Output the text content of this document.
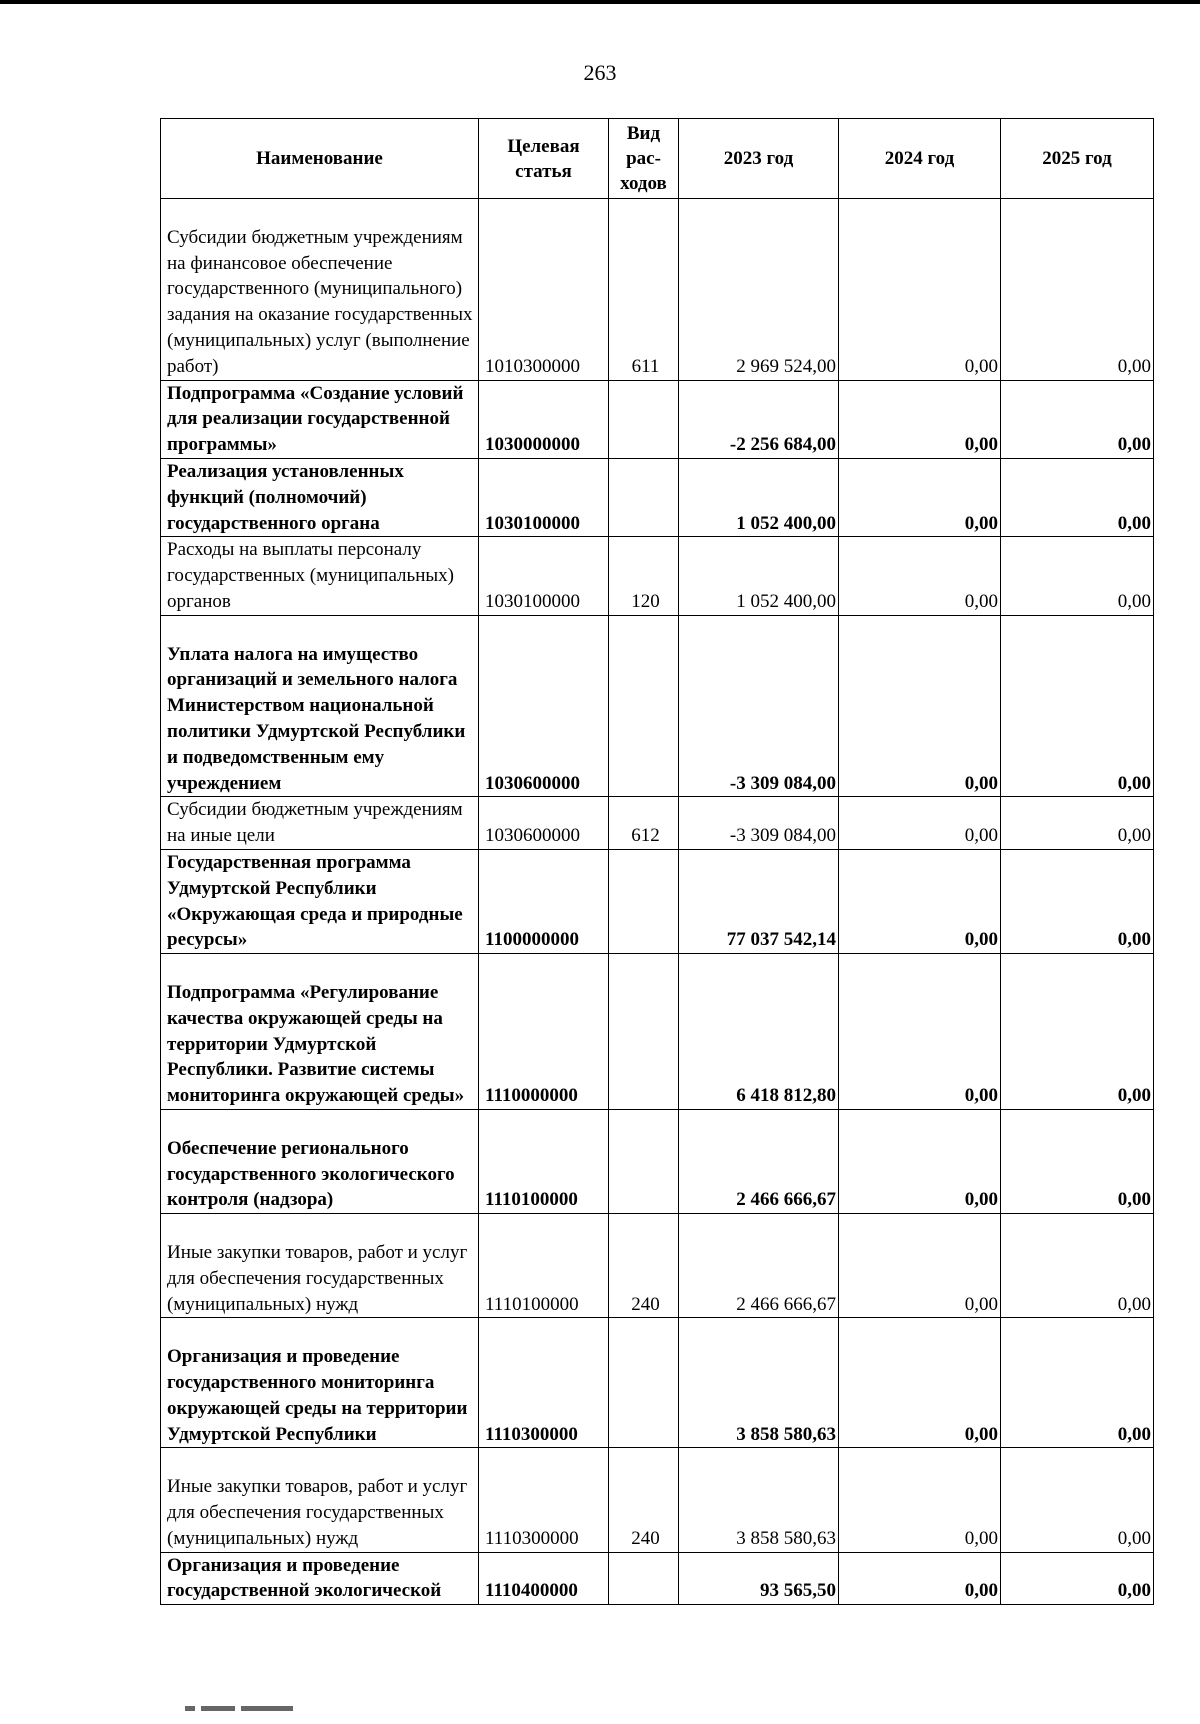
263
Наименование	Целевая статья	Вид рас- ходов	2023 год	2024 год	2025 год
Субсидии бюджетным учреждениям на финансовое обеспечение государственного (муниципального) задания на оказание государственных (муниципальных) услуг (выполнение работ)	1010300000	611	2 969 524,00	0,00	0,00
Подпрограмма «Создание условий для реализации государственной программы»	1030000000		-2 256 684,00	0,00	0,00
Реализация установленных функций (полномочий) государственного органа	1030100000		1 052 400,00	0,00	0,00
Расходы на выплаты персоналу государственных (муниципальных) органов	1030100000	120	1 052 400,00	0,00	0,00
Уплата налога на имущество организаций и земельного налога Министерством национальной политики Удмуртской Республики и подведомственным ему учреждением	1030600000		-3 309 084,00	0,00	0,00
Субсидии бюджетным учреждениям на иные цели	1030600000	612	-3 309 084,00	0,00	0,00
Государственная программа Удмуртской Республики «Окружающая среда и природные ресурсы»	1100000000		77 037 542,14	0,00	0,00
Подпрограмма «Регулирование качества окружающей среды на территории Удмуртской Республики. Развитие системы мониторинга окружающей среды»	1110000000		6 418 812,80	0,00	0,00
Обеспечение регионального государственного экологического контроля (надзора)	1110100000		2 466 666,67	0,00	0,00
Иные закупки товаров, работ и услуг для обеспечения государственных (муниципальных) нужд	1110100000	240	2 466 666,67	0,00	0,00
Организация и проведение государственного мониторинга окружающей среды на территории Удмуртской Республики	1110300000		3 858 580,63	0,00	0,00
Иные закупки товаров, работ и услуг для обеспечения государственных (муниципальных) нужд	1110300000	240	3 858 580,63	0,00	0,00
Организация и проведение государственной экологической	1110400000		93 565,50	0,00	0,00
